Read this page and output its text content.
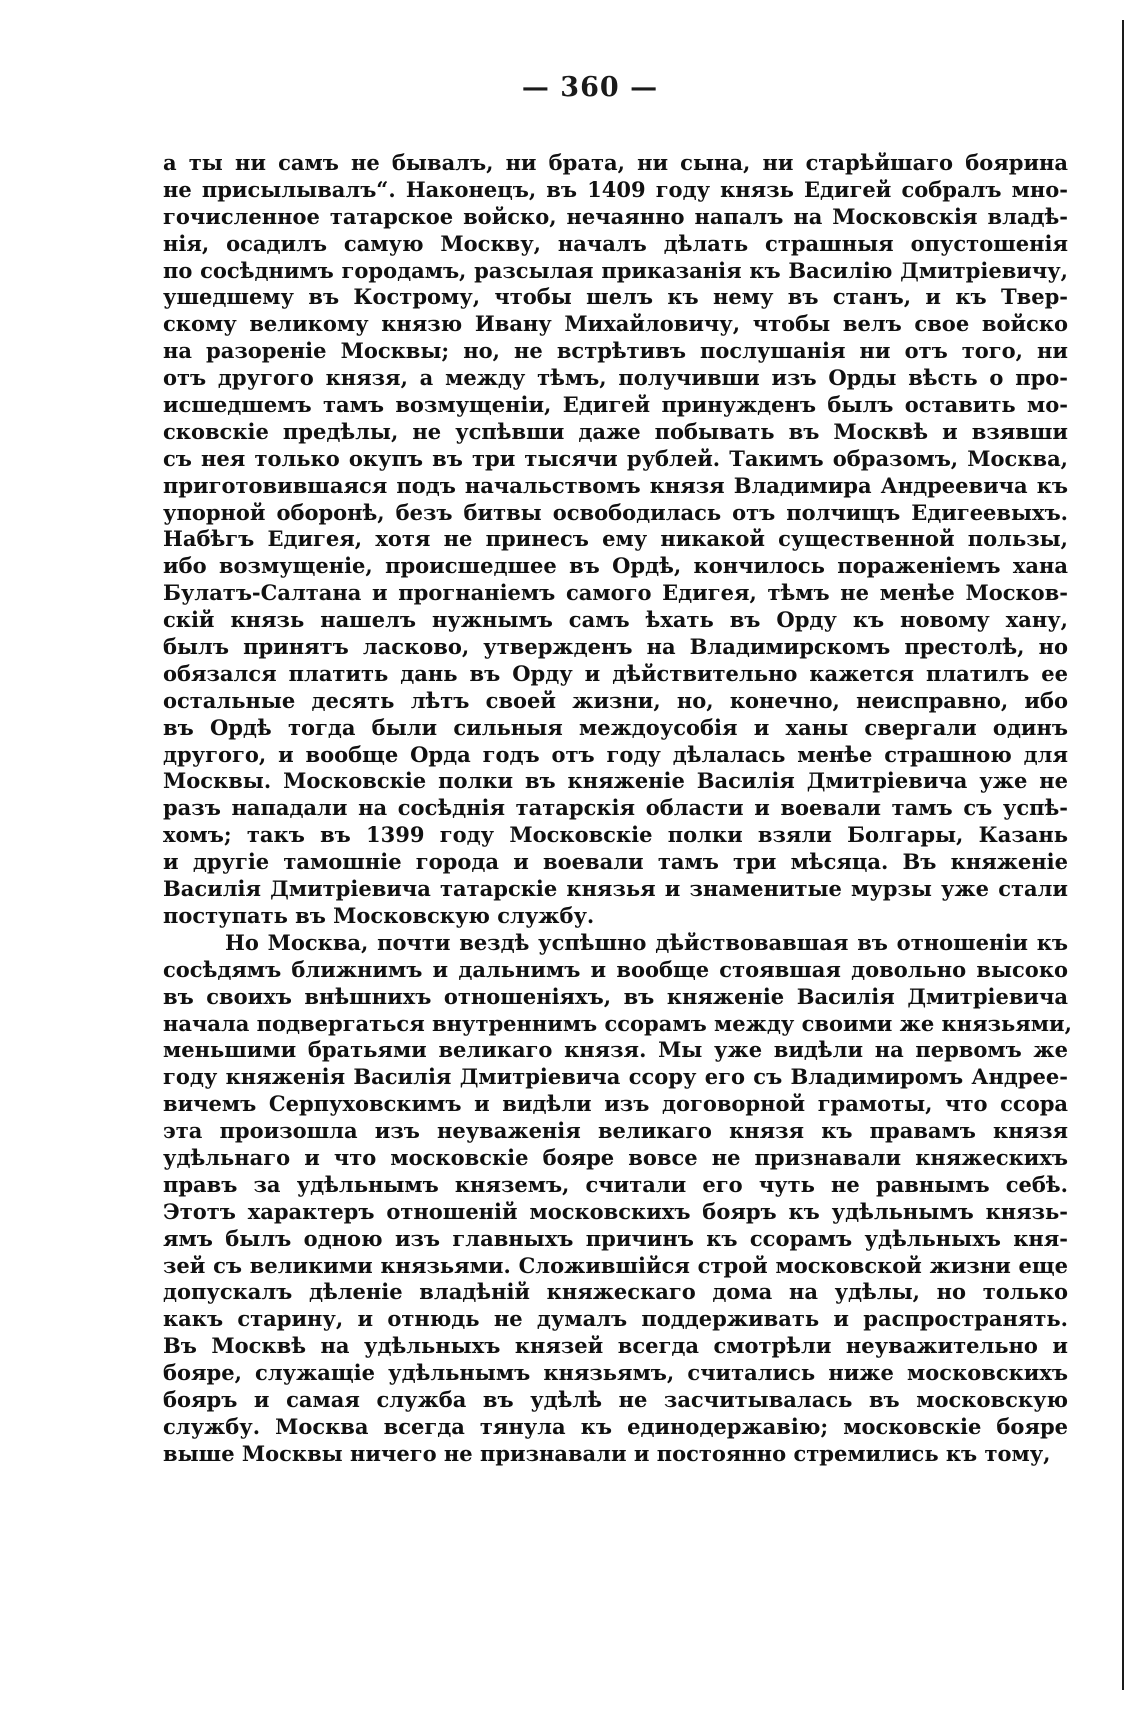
— 360 —
а ты ни самъ не бывалъ, ни брата, ни сына, ни старѣйшаго боярина
не присылывалъ“. Наконецъ, въ 1409 году князь Едигей собралъ мно-
гочисленное татарское войско, нечаянно напалъ на Московскія владѣ-
нія, осадилъ самую Москву, началъ дѣлать страшныя опустошенія
по сосѣднимъ городамъ, разсылая приказанія къ Василію Дмитріевичу,
ушедшему въ Кострому, чтобы шелъ къ нему въ станъ, и къ Твер-
скому великому князю Ивану Михайловичу, чтобы велъ свое войско
на разореніе Москвы; но, не встрѣтивъ послушанія ни отъ того, ни
отъ другого князя, а между тѣмъ, получивши изъ Орды вѣсть о про-
исшедшемъ тамъ возмущеніи, Едигей принужденъ былъ оставить мо-
сковскіе предѣлы, не успѣвши даже побывать въ Москвѣ и взявши
съ нея только окупъ въ три тысячи рублей. Такимъ образомъ, Москва,
приготовившаяся подъ начальствомъ князя Владимира Андреевича къ
упорной оборонѣ, безъ битвы освободилась отъ полчищъ Едигеевыхъ.
Набѣгъ Едигея, хотя не принесъ ему никакой существенной пользы,
ибо возмущеніе, происшедшее въ Ордѣ, кончилось пораженіемъ хана
Булатъ-Салтана и прогнаніемъ самого Едигея, тѣмъ не менѣе Москов-
скій князь нашелъ нужнымъ самъ ѣхать въ Орду къ новому хану,
былъ принятъ ласково, утвержденъ на Владимирскомъ престолѣ, но
обязался платить дань въ Орду и дѣйствительно кажется платилъ ее
остальные десять лѣтъ своей жизни, но, конечно, неисправно, ибо
въ Ордѣ тогда были сильныя междоусобія и ханы свергали одинъ
другого, и вообще Орда годъ отъ году дѣлалась менѣе страшною для
Москвы. Московскіе полки въ княженіе Василія Дмитріевича уже не
разъ нападали на сосѣднія татарскія области и воевали тамъ съ успѣ-
хомъ; такъ въ 1399 году Московскіе полки взяли Болгары, Казань
и другіе тамошніе города и воевали тамъ три мѣсяца. Въ княженіе
Василія Дмитріевича татарскіе князья и знаменитые мурзы уже стали
поступать въ Московскую службу.
Но Москва, почти вездѣ успѣшно дѣйствовавшая въ отношеніи къ
сосѣдямъ ближнимъ и дальнимъ и вообще стоявшая довольно высоко
въ своихъ внѣшнихъ отношеніяхъ, въ княженіе Василія Дмитріевича
начала подвергаться внутреннимъ ссорамъ между своими же князьями,
меньшими братьями великаго князя. Мы уже видѣли на первомъ же
году княженія Василія Дмитріевича ссору его съ Владимиромъ Андрее-
вичемъ Серпуховскимъ и видѣли изъ договорной грамоты, что ссора
эта произошла изъ неуваженія великаго князя къ правамъ князя
удѣльнаго и что московскіе бояре вовсе не признавали княжескихъ
правъ за удѣльнымъ княземъ, считали его чуть не равнымъ себѣ.
Этотъ характеръ отношеній московскихъ бояръ къ удѣльнымъ князь-
ямъ былъ одною изъ главныхъ причинъ къ ссорамъ удѣльныхъ кня-
зей съ великими князьями. Сложившійся строй московской жизни еще
допускалъ дѣленіе владѣній княжескаго дома на удѣлы, но только
какъ старину, и отнюдь не думалъ поддерживать и распространять.
Въ Москвѣ на удѣльныхъ князей всегда смотрѣли неуважительно и
бояре, служащіе удѣльнымъ князьямъ, считались ниже московскихъ
бояръ и самая служба въ удѣлѣ не засчитывалась въ московскую
службу. Москва всегда тянула къ единодержавію; московскіе бояре
выше Москвы ничего не признавали и постоянно стремились къ тому,
